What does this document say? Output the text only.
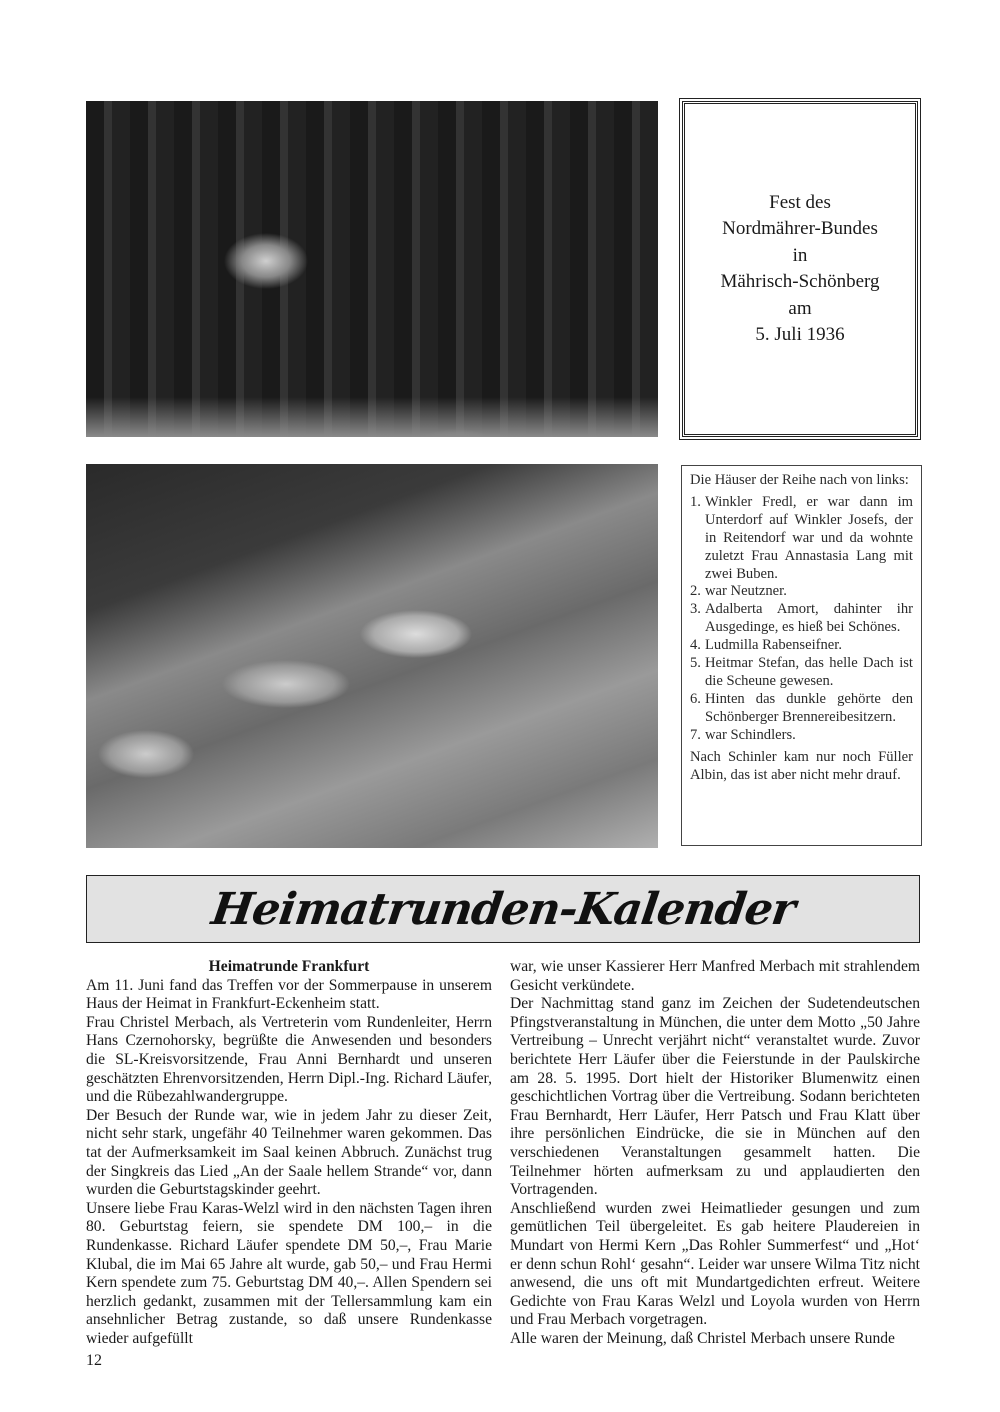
Fest des
Nordmährer-Bundes
in
Mährisch-Schönberg
am
5. Juli 1936

Die Häuser der Reihe nach von links:

1. Winkler Fredl, er war dann im Unterdorf auf Winkler Josefs, der in Reitendorf war und da wohnte zuletzt Frau Annastasia Lang mit zwei Buben.
2. war Neutzner.
3. Adalberta Amort, dahinter ihr Ausgedinge, es hieß bei Schönes.
4. Ludmilla Rabenseifner.
5. Heitmar Stefan, das helle Dach ist die Scheune gewesen.
6. Hinten das dunkle gehörte den Schönberger Brennereibesitzern.
7. war Schindlers.

Nach Schinler kam nur noch Füller Albin, das ist aber nicht mehr drauf.

Heimatrunden-Kalender

Heimatrunde Frankfurt

Am 11. Juni fand das Treffen vor der Sommerpause in unserem Haus der Heimat in Frankfurt-Eckenheim statt.

Frau Christel Merbach, als Vertreterin vom Rundenleiter, Herrn Hans Czernohorsky, begrüßte die Anwesenden und besonders die SL-Kreisvorsitzende, Frau Anni Bernhardt und unseren geschätzten Ehrenvorsitzenden, Herrn Dipl.-Ing. Richard Läufer, und die Rübezahlwandergruppe.

Der Besuch der Runde war, wie in jedem Jahr zu dieser Zeit, nicht sehr stark, ungefähr 40 Teilnehmer waren gekommen. Das tat der Aufmerksamkeit im Saal keinen Abbruch. Zunächst trug der Singkreis das Lied „An der Saale hellem Strande“ vor, dann wurden die Geburtstagskinder geehrt.

Unsere liebe Frau Karas-Welzl wird in den nächsten Tagen ihren 80. Geburtstag feiern, sie spendete DM 100,– in die Rundenkasse. Richard Läufer spendete DM 50,–, Frau Marie Klubal, die im Mai 65 Jahre alt wurde, gab 50,– und Frau Hermi Kern spendete zum 75. Geburtstag DM 40,–. Allen Spendern sei herzlich gedankt, zusammen mit der Tellersammlung kam ein ansehnlicher Betrag zustande, so daß unsere Rundenkasse wieder aufgefüllt

war, wie unser Kassierer Herr Manfred Merbach mit strahlendem Gesicht verkündete.

Der Nachmittag stand ganz im Zeichen der Sudetendeutschen Pfingstveranstaltung in München, die unter dem Motto „50 Jahre Vertreibung – Unrecht verjährt nicht“ veranstaltet wurde. Zuvor berichtete Herr Läufer über die Feierstunde in der Paulskirche am 28. 5. 1995. Dort hielt der Historiker Blumenwitz einen geschichtlichen Vortrag über die Vertreibung. Sodann berichteten Frau Bernhardt, Herr Läufer, Herr Patsch und Frau Klatt über ihre persönlichen Eindrücke, die sie in München auf den verschiedenen Veranstaltungen gesammelt hatten. Die Teilnehmer hörten aufmerksam zu und applaudierten den Vortragenden.

Anschließend wurden zwei Heimatlieder gesungen und zum gemütlichen Teil übergeleitet. Es gab heitere Plaudereien in Mundart von Hermi Kern „Das Rohler Summerfest“ und „Hot‘ er denn schun Rohl‘ gesahn“. Leider war unsere Wilma Titz nicht anwesend, die uns oft mit Mundartgedichten erfreut. Weitere Gedichte von Frau Karas Welzl und Loyola wurden von Herrn und Frau Merbach vorgetragen.

Alle waren der Meinung, daß Christel Merbach unsere Runde

12
